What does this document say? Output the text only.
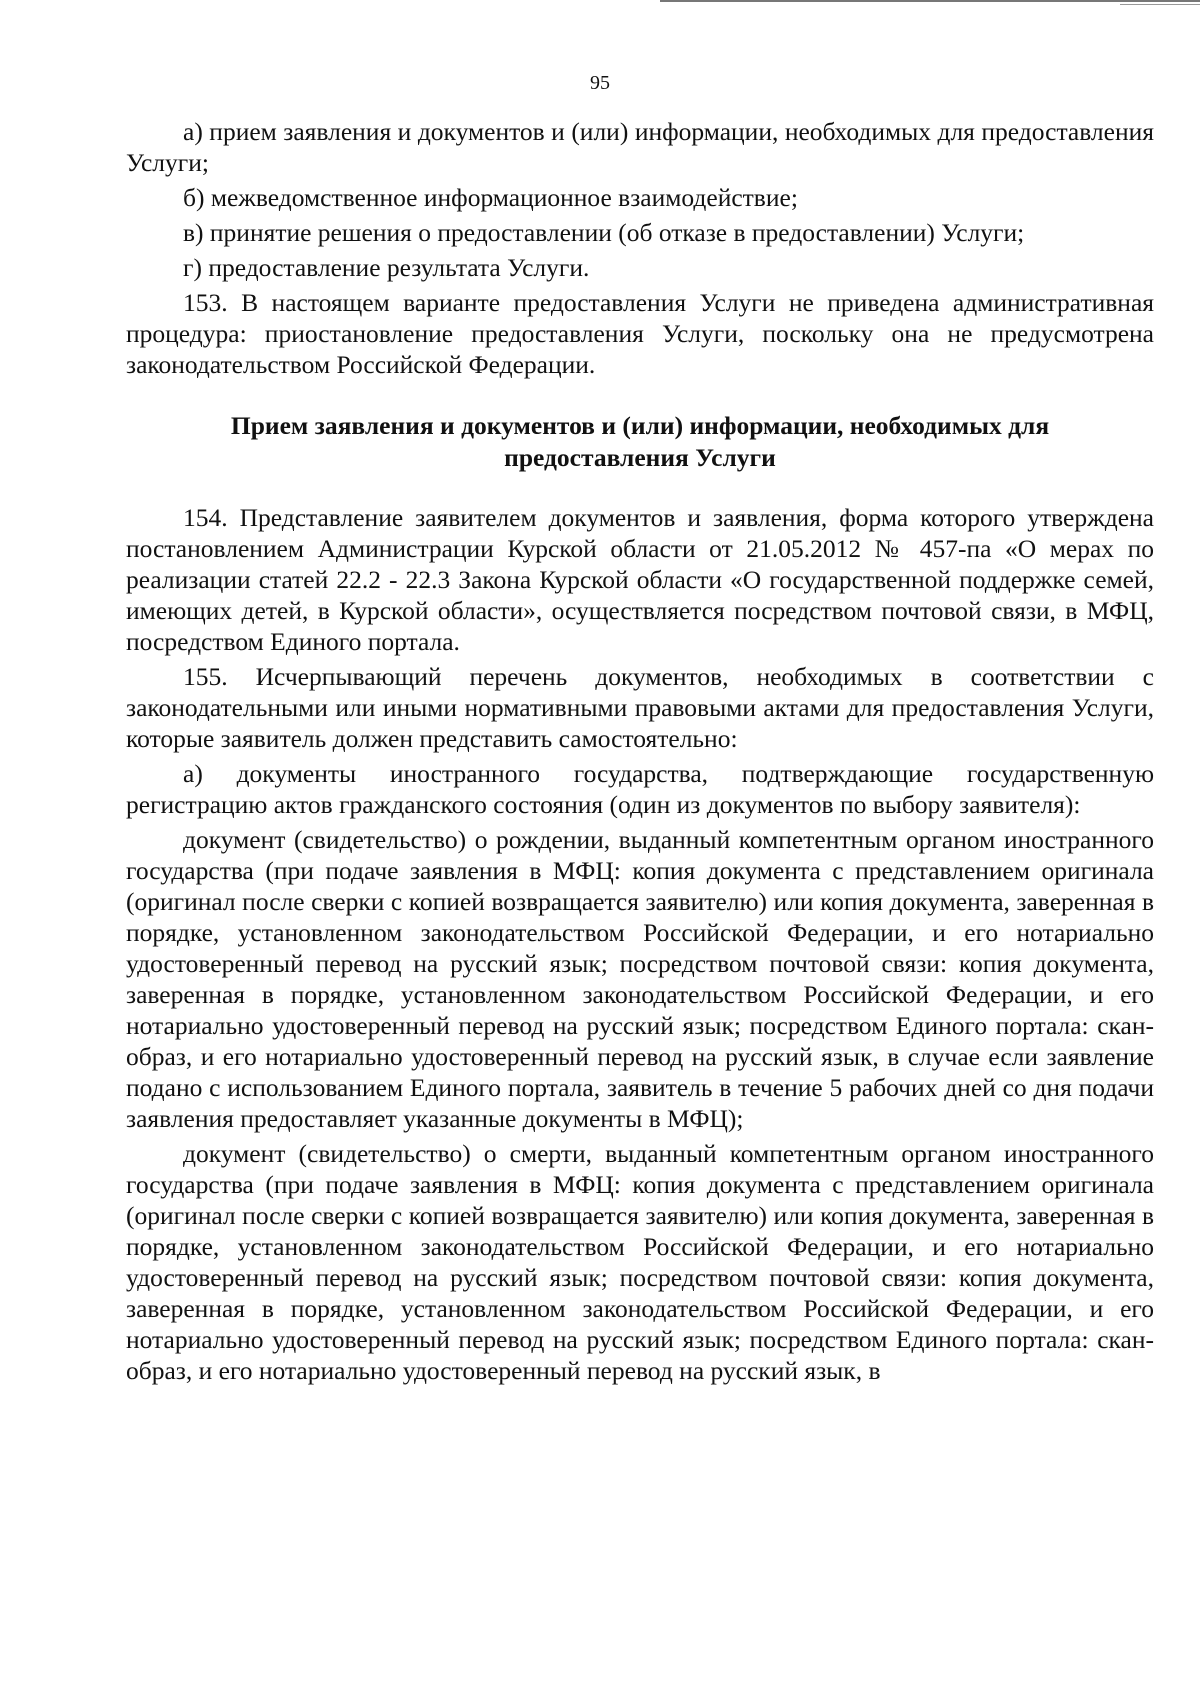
95

а) прием заявления и документов и (или) информации, необходимых для предоставления Услуги;

б) межведомственное информационное взаимодействие;

в) принятие решения о предоставлении (об отказе в предоставлении) Услуги;

г) предоставление результата Услуги.

153. В настоящем варианте предоставления Услуги не приведена административная процедура: приостановление предоставления Услуги, поскольку она не предусмотрена законодательством Российской Федерации.

Прием заявления и документов и (или) информации, необходимых для
предоставления Услуги

154. Представление заявителем документов и заявления, форма которого утверждена постановлением Администрации Курской области от 21.05.2012 № 457-па «О мерах по реализации статей 22.2 - 22.3 Закона Курской области «О государственной поддержке семей, имеющих детей, в Курской области», осуществляется посредством почтовой связи, в МФЦ, посредством Единого портала.

155. Исчерпывающий перечень документов, необходимых в соответствии с законодательными или иными нормативными правовыми актами для предоставления Услуги, которые заявитель должен представить самостоятельно:

а) документы иностранного государства, подтверждающие государственную регистрацию актов гражданского состояния (один из документов по выбору заявителя):

документ (свидетельство) о рождении, выданный компетентным органом иностранного государства (при подаче заявления в МФЦ: копия документа с представлением оригинала (оригинал после сверки с копией возвращается заявителю) или копия документа, заверенная в порядке, установленном законодательством Российской Федерации, и его нотариально удостоверенный перевод на русский язык; посредством почтовой связи: копия документа, заверенная в порядке, установленном законодательством Российской Федерации, и его нотариально удостоверенный перевод на русский язык; посредством Единого портала: скан-образ, и его нотариально удостоверенный перевод на русский язык, в случае если заявление подано с использованием Единого портала, заявитель в течение 5 рабочих дней со дня подачи заявления предоставляет указанные документы в МФЦ);

документ (свидетельство) о смерти, выданный компетентным органом иностранного государства (при подаче заявления в МФЦ: копия документа с представлением оригинала (оригинал после сверки с копией возвращается заявителю) или копия документа, заверенная в порядке, установленном законодательством Российской Федерации, и его нотариально удостоверенный перевод на русский язык; посредством почтовой связи: копия документа, заверенная в порядке, установленном законодательством Российской Федерации, и его нотариально удостоверенный перевод на русский язык; посредством Единого портала: скан-образ, и его нотариально удостоверенный перевод на русский язык, в
